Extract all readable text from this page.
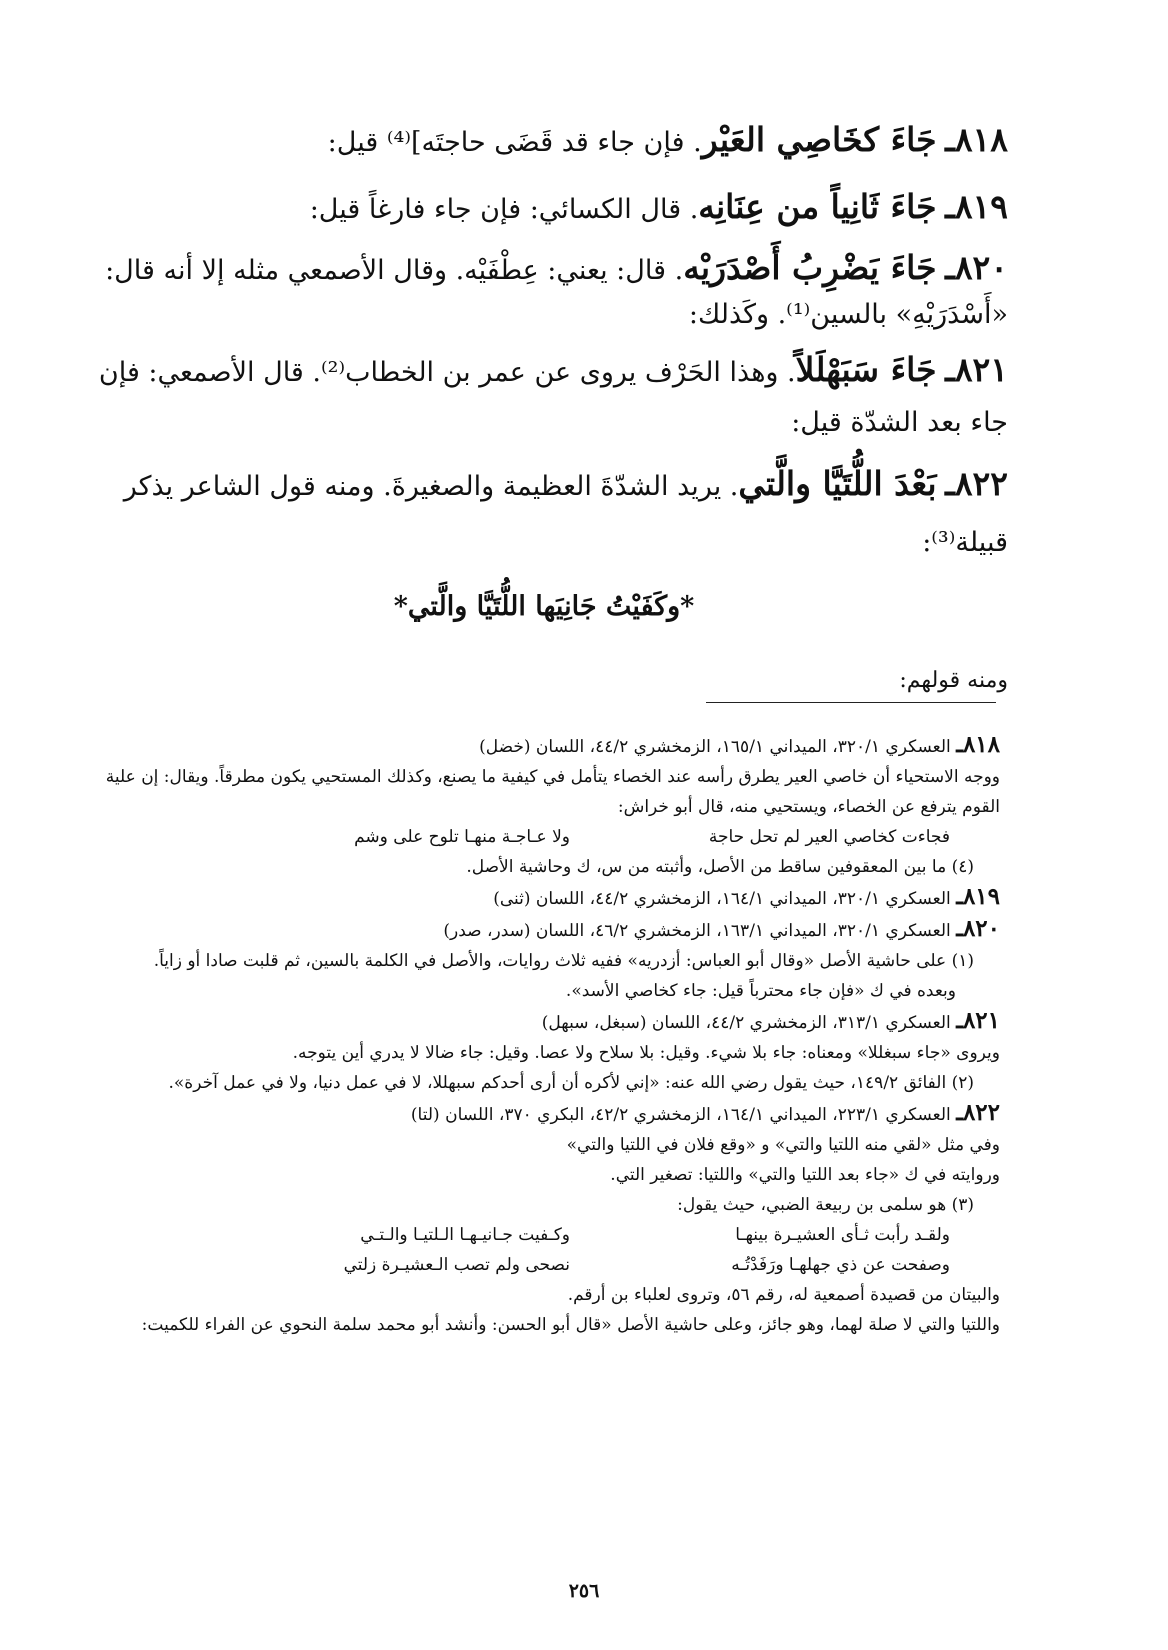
٨١٨ـ جَاءَ كخَاصِي العَيْر. فإن جاء قد قَضَى حاجتَه]⁽⁴⁾ قيل:

٨١٩ـ جَاءَ ثَانِياً من عِنَانِه. قال الكسائي: فإن جاء فارغاً قيل:

٨٢٠ـ جَاءَ يَضْرِبُ أَصْدَرَيْه. قال: يعني: عِطْفَيْه. وقال الأصمعي مثله إلا أنه قال: «أَسْدَرَيْهِ» بالسين⁽¹⁾. وكَذلك:

٨٢١ـ جَاءَ سَبَهْلَلاً. وهذا الحَرْف يروى عن عمر بن الخطاب⁽²⁾. قال الأصمعي: فإن جاء بعد الشدّة قيل:

٨٢٢ـ بَعْدَ اللُّتَيَّا والَّتي. يريد الشدّةَ العظيمة والصغيرةَ. ومنه قول الشاعر يذكر قبيلة⁽³⁾:

*وكَفَيْتُ جَانِيَها اللُّتَيَّا والَّتي*

ومنه قولهم:

٨١٨ـ العسكري ٣٢٠/١، الميداني ١٦٥/١، الزمخشري ٤٤/٢، اللسان (خضل)

ووجه الاستحياء أن خاصي العير يطرق رأسه عند الخصاء يتأمل في كيفية ما يصنع، وكذلك المستحيي يكون مطرقاً. ويقال: إن علية القوم يترفع عن الخصاء، ويستحيي منه، قال أبو خراش:

فجاءت كخاصي العير لم تحل حاجة
ولا عـاجـة منهـا تلوح على وشم

(٤) ما بين المعقوفين ساقط من الأصل، وأثبته من س، ك وحاشية الأصل.

٨١٩ـ العسكري ٣٢٠/١، الميداني ١٦٤/١، الزمخشري ٤٤/٢، اللسان (ثنى)

٨٢٠ـ العسكري ٣٢٠/١، الميداني ١٦٣/١، الزمخشري ٤٦/٢، اللسان (سدر، صدر)

(١) على حاشية الأصل «وقال أبو العباس: أزدريه» ففيه ثلاث روايات، والأصل في الكلمة بالسين، ثم قلبت صادا أو زاياً.

وبعده في ك «فإن جاء محترباً قيل: جاء كخاصي الأسد».

٨٢١ـ العسكري ٣١٣/١، الزمخشري ٤٤/٢، اللسان (سبغل، سبهل)

ويروى «جاء سبغللا» ومعناه: جاء بلا شيء. وقيل: بلا سلاح ولا عصا. وقيل: جاء ضالا لا يدري أين يتوجه.

(٢) الفائق ١٤٩/٢، حيث يقول رضي الله عنه: «إني لأكره أن أرى أحدكم سبهللا، لا في عمل دنيا، ولا في عمل آخرة».

٨٢٢ـ العسكري ٢٢٣/١، الميداني ١٦٤/١، الزمخشري ٤٢/٢، البكري ٣٧٠، اللسان (لتا)

وفي مثل «لقي منه اللتيا والتي» و «وقع فلان في اللتيا والتي»

وروايته في ك «جاء بعد اللتيا والتي» واللتيا: تصغير التي.

(٣) هو سلمى بن ربيعة الضبي، حيث يقول:

ولقـد رأبت ثـأى العشيـرة بينهـا
وكـفيت جـانيـهـا الـلتيـا والـتـي
وصفحت عن ذي جهلهـا ورَفَدْتُـه
نصحى ولم تصب الـعشيـرة زلتي

والبيتان من قصيدة أصمعية له، رقم ٥٦، وتروى لعلباء بن أرقم.

واللتيا والتي لا صلة لهما، وهو جائز، وعلى حاشية الأصل «قال أبو الحسن: وأنشد أبو محمد سلمة النحوي عن الفراء للكميت:

٢٥٦
